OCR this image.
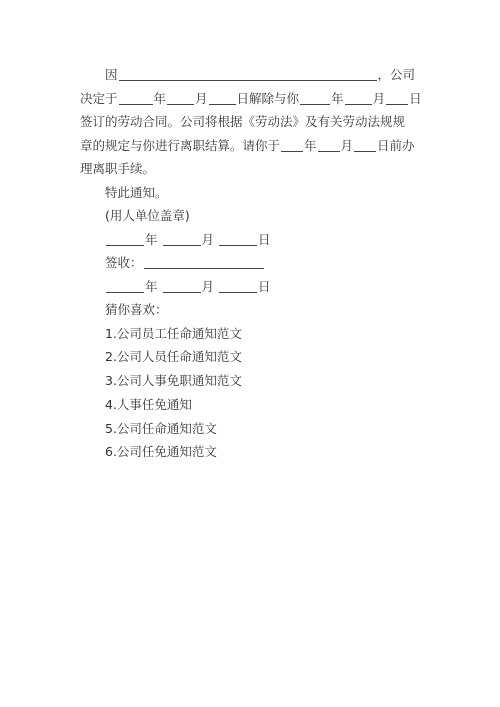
因	，公司

决定于	年 月 日解除与你	年 月 日

签订的劳动合同。公司将根据《劳动法》及有关劳动法规规

章的规定与你进行离职结算。请你于 年 月 日前办

理离职手续。

特此通知。

(用人单位盖章)

年	月	日

签收：

年	月	日

猜你喜欢：

1.公司员工任命通知范文

2.公司人员任命通知范文

3.公司人事免职通知范文

4.人事任免通知

5.公司任命通知范文

6.公司任免通知范文
